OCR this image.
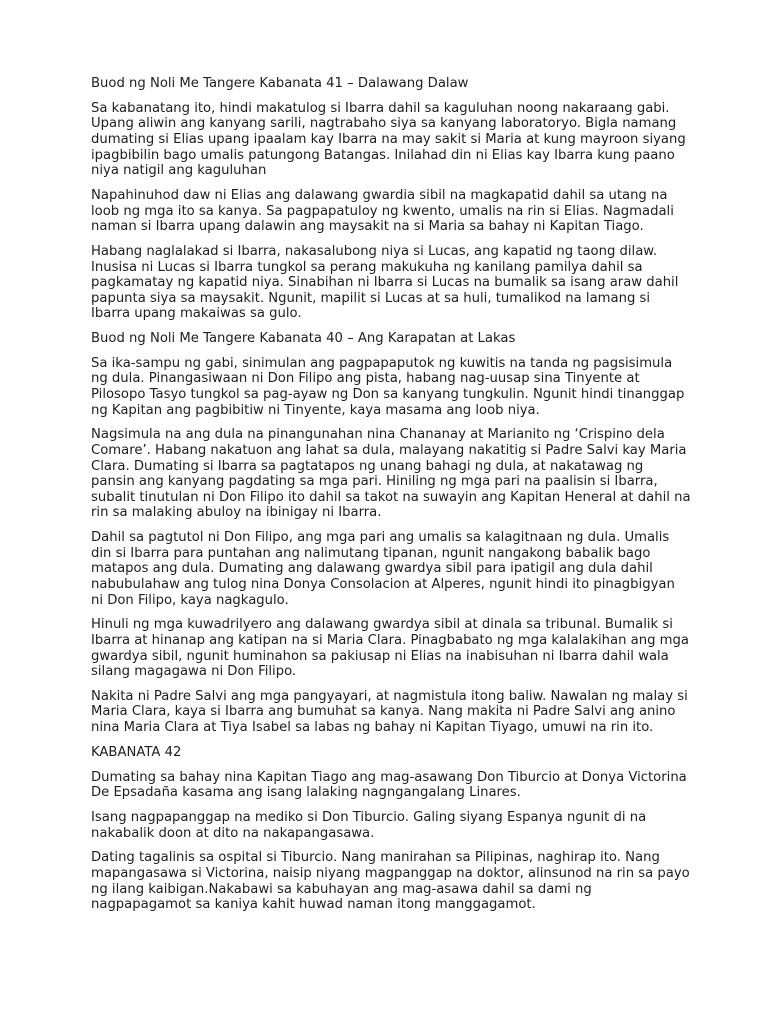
Buod ng Noli Me Tangere Kabanata 41 – Dalawang Dalaw

Sa kabanatang ito, hindi makatulog si Ibarra dahil sa kaguluhan noong nakaraang gabi. Upang aliwin ang kanyang sarili, nagtrabaho siya sa kanyang laboratoryo. Bigla namang dumating si Elias upang ipaalam kay Ibarra na may sakit si Maria at kung mayroon siyang ipagbibilin bago umalis patungong Batangas. Inilahad din ni Elias kay Ibarra kung paano niya natigil ang kaguluhan

Napahinuhod daw ni Elias ang dalawang gwardia sibil na magkapatid dahil sa utang na loob ng mga ito sa kanya. Sa pagpapatuloy ng kwento, umalis na rin si Elias. Nagmadali naman si Ibarra upang dalawin ang maysakit na si Maria sa bahay ni Kapitan Tiago.

Habang naglalakad si Ibarra, nakasalubong niya si Lucas, ang kapatid ng taong dilaw. Inusisa ni Lucas si Ibarra tungkol sa perang makukuha ng kanilang pamilya dahil sa pagkamatay ng kapatid niya. Sinabihan ni Ibarra si Lucas na bumalik sa isang araw dahil papunta siya sa maysakit. Ngunit, mapilit si Lucas at sa huli, tumalikod na lamang si Ibarra upang makaiwas sa gulo.

Buod ng Noli Me Tangere Kabanata 40 – Ang Karapatan at Lakas

Sa ika-sampu ng gabi, sinimulan ang pagpapaputok ng kuwitis na tanda ng pagsisimula ng dula. Pinangasiwaan ni Don Filipo ang pista, habang nag-uusap sina Tinyente at Pilosopo Tasyo tungkol sa pag-ayaw ng Don sa kanyang tungkulin. Ngunit hindi tinanggap ng Kapitan ang pagbibitiw ni Tinyente, kaya masama ang loob niya.

Nagsimula na ang dula na pinangunahan nina Chananay at Marianito ng ‘Crispino dela Comare’. Habang nakatuon ang lahat sa dula, malayang nakatitig si Padre Salvi kay Maria Clara. Dumating si Ibarra sa pagtatapos ng unang bahagi ng dula, at nakatawag ng pansin ang kanyang pagdating sa mga pari. Hiniling ng mga pari na paalisin si Ibarra, subalit tinutulan ni Don Filipo ito dahil sa takot na suwayin ang Kapitan Heneral at dahil na rin sa malaking abuloy na ibinigay ni Ibarra.

Dahil sa pagtutol ni Don Filipo, ang mga pari ang umalis sa kalagitnaan ng dula. Umalis din si Ibarra para puntahan ang nalimutang tipanan, ngunit nangakong babalik bago matapos ang dula. Dumating ang dalawang gwardya sibil para ipatigil ang dula dahil nabubulahaw ang tulog nina Donya Consolacion at Alperes, ngunit hindi ito pinagbigyan ni Don Filipo, kaya nagkagulo.

Hinuli ng mga kuwadrilyero ang dalawang gwardya sibil at dinala sa tribunal. Bumalik si Ibarra at hinanap ang katipan na si Maria Clara. Pinagbabato ng mga kalalakihan ang mga gwardya sibil, ngunit huminahon sa pakiusap ni Elias na inabisuhan ni Ibarra dahil wala silang magagawa ni Don Filipo.

Nakita ni Padre Salvi ang mga pangyayari, at nagmistula itong baliw. Nawalan ng malay si Maria Clara, kaya si Ibarra ang bumuhat sa kanya. Nang makita ni Padre Salvi ang anino nina Maria Clara at Tiya Isabel sa labas ng bahay ni Kapitan Tiyago, umuwi na rin ito.

KABANATA 42

Dumating sa bahay nina Kapitan Tiago ang mag-asawang Don Tiburcio at Donya Victorina De Epsadaña kasama ang isang lalaking nagngangalang Linares.

Isang nagpapanggap na mediko si Don Tiburcio. Galing siyang Espanya ngunit di na nakabalik doon at dito na nakapangasawa.

Dating tagalinis sa ospital si Tiburcio. Nang manirahan sa Pilipinas, naghirap ito. Nang mapangasawa si Victorina, naisip niyang magpanggap na doktor, alinsunod na rin sa payo ng ilang kaibigan.Nakabawi sa kabuhayan ang mag-asawa dahil sa dami ng nagpapagamot sa kaniya kahit huwad naman itong manggagamot.
